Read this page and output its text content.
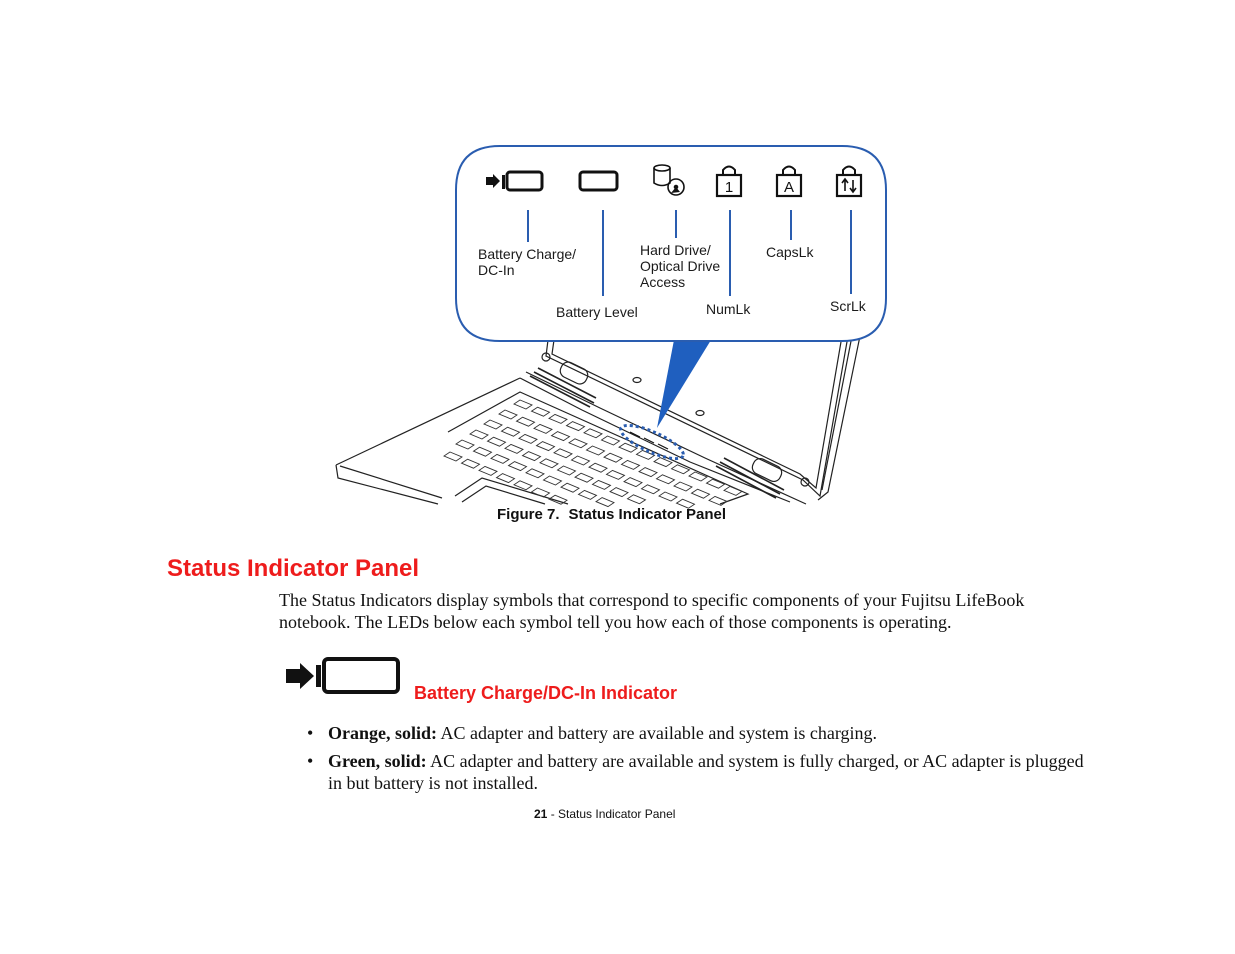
1	A
Battery Charge/
DC-In
Battery Level
Hard Drive/
Optical Drive
Access
NumLk
CapsLk
ScrLk
Figure 7. Status Indicator Panel
Status Indicator Panel
The Status Indicators display symbols that correspond to specific components of your Fujitsu LifeBook notebook. The LEDs below each symbol tell you how each of those components is operating.
Battery Charge/DC-In Indicator
• Orange, solid: AC adapter and battery are available and system is charging.
• Green, solid: AC adapter and battery are available and system is fully charged, or AC adapter is plugged in but battery is not installed.
21 - Status Indicator Panel
